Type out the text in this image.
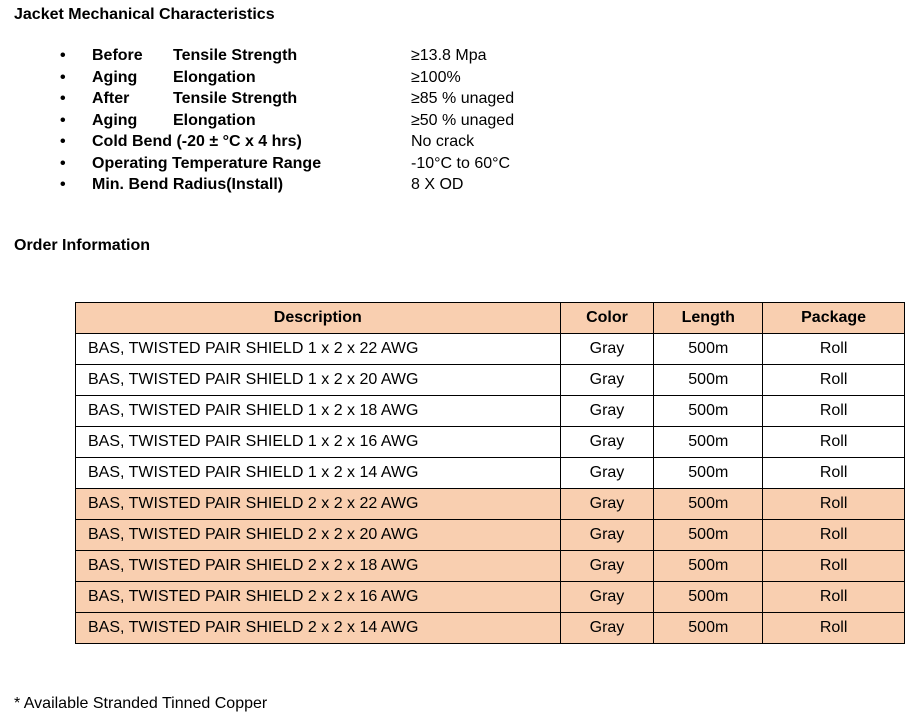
Jacket Mechanical Characteristics
• Before Tensile Strength	≥13.8 Mpa
• Aging Elongation	≥100%
• After	Tensile Strength	≥85 % unaged
• Aging Elongation	≥50 % unaged
• Cold Bend (-20 ± °C x 4 hrs)	No crack
• Operating Temperature Range	-10°C to 60°C
• Min. Bend Radius(Install)	8 X OD
Order Information
Description	Color	Length	Package
BAS, TWISTED PAIR SHIELD 1 x 2 x 22 AWG	Gray	500m	Roll
BAS, TWISTED PAIR SHIELD 1 x 2 x 20 AWG	Gray	500m	Roll
BAS, TWISTED PAIR SHIELD 1 x 2 x 18 AWG	Gray	500m	Roll
BAS, TWISTED PAIR SHIELD 1 x 2 x 16 AWG	Gray	500m	Roll
BAS, TWISTED PAIR SHIELD 1 x 2 x 14 AWG	Gray	500m	Roll
BAS, TWISTED PAIR SHIELD 2 x 2 x 22 AWG	Gray	500m	Roll
BAS, TWISTED PAIR SHIELD 2 x 2 x 20 AWG	Gray	500m	Roll
BAS, TWISTED PAIR SHIELD 2 x 2 x 18 AWG	Gray	500m	Roll
BAS, TWISTED PAIR SHIELD 2 x 2 x 16 AWG	Gray	500m	Roll
BAS, TWISTED PAIR SHIELD 2 x 2 x 14 AWG	Gray	500m	Roll

* Available Stranded Tinned Copper
